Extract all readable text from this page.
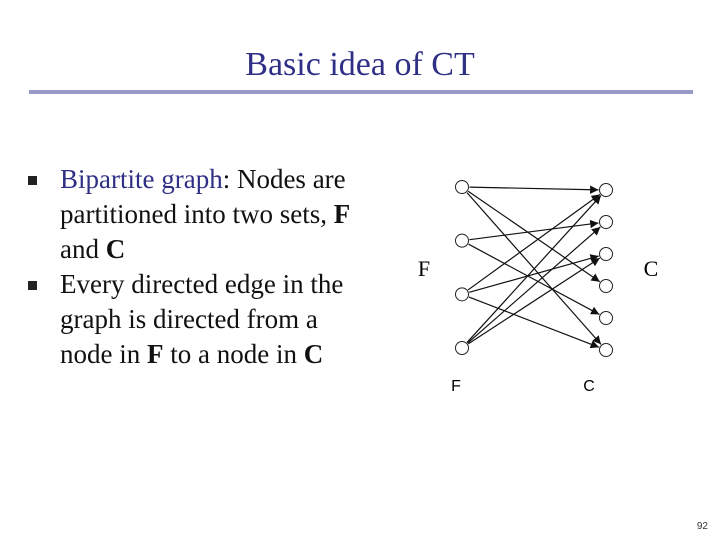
Basic idea of CT
Bipartite graph: Nodes are partitioned into two sets, F and C
Every directed edge in the graph is directed from a node in F to a node in C
F	C
F	C
92
